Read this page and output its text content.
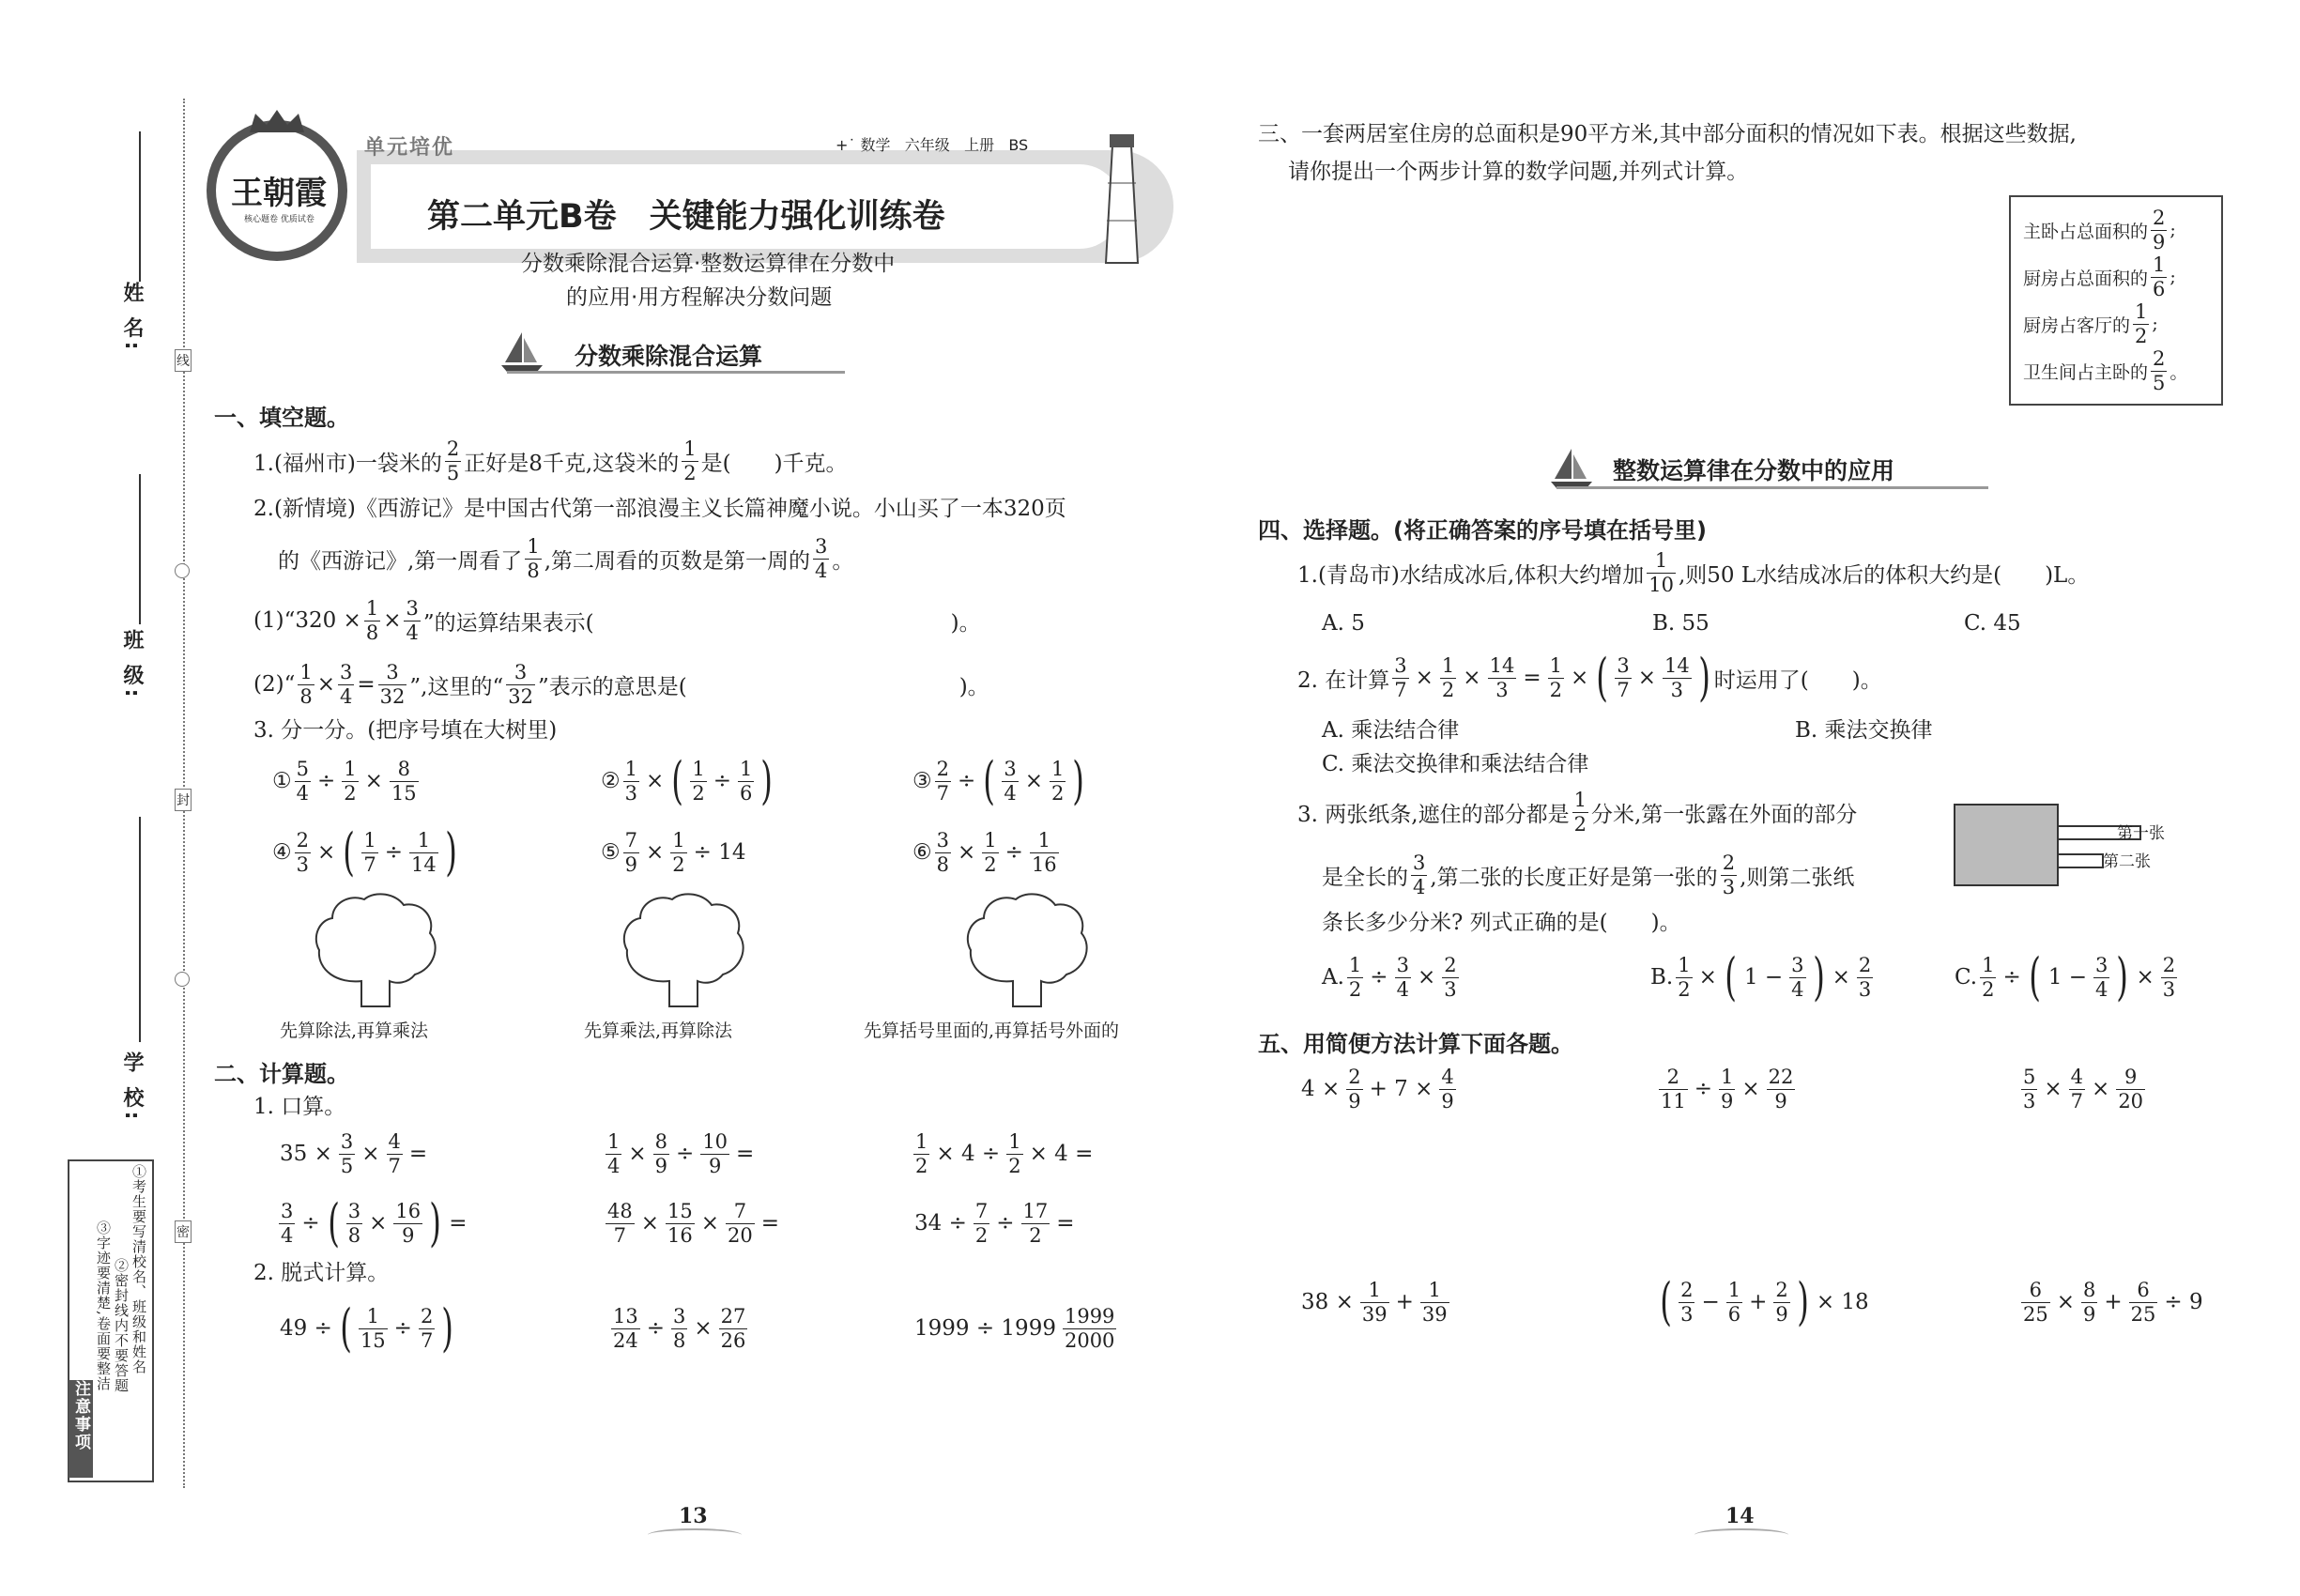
姓 名:
班 级:
学 校:
线
封
密
注意事项
①考生要写清校名、班级和姓名
②密封线内不要答题
③字迹要清楚,卷面要整洁
王朝霞
核心题卷 优质试卷
单元培优	+˙ 数学 六年级 上册 BS
第二单元B卷　关键能力强化训练卷
分数乘除混合运算·整数运算律在分数中
的应用·用方程解决分数问题
分数乘除混合运算
一、填空题。
1.(福州市)一袋米的 $\frac{2}{5}$ 正好是8千克,这袋米的 $\frac{1}{2}$ 是(　　)千克。
2.(新情境)《西游记》是中国古代第一部浪漫主义长篇神魔小说。小山买了一本320页
的《西游记》,第一周看了 $\frac{1}{8}$ ,第二周看的页数是第一周的 $\frac{3}{4}$ 。
(1)“320 × $\frac{1}{8} \times \frac{3}{4}$ ”的运算结果表示(	)。
(2)“ $\frac{1}{8} \times \frac{3}{4} = \frac{3}{32}$ ”,这里的“ $\frac{3}{32}$ ”表示的意思是(	)。
3. 分一分。(把序号填在大树里)
① $\frac{5}{4} \div \frac{1}{2} \times \frac{8}{15}$	② $\frac{1}{3}$ × ( $\frac{1}{2} \div \frac{1}{6}$ )	③ $\frac{2}{7}$ ÷ ( $\frac{3}{4} \times \frac{1}{2}$ )
④ $\frac{2}{3}$ × ( $\frac{1}{7} \div \frac{1}{14}$ )	⑤ $\frac{7}{9} \times \frac{1}{2} \div 14$	⑥ $\frac{3}{8} \times \frac{1}{2} \div \frac{1}{16}$
先算除法,再算乘法	先算乘法,再算除法	先算括号里面的,再算括号外面的
二、计算题。
1. 口算。
$35 \times \frac{3}{5} \times \frac{4}{7}$ =	$\frac{1}{4} \times \frac{8}{9} \div \frac{10}{9}$ =	$\frac{1}{2} \times 4 \div \frac{1}{2} \times 4$ =
$\frac{3}{4}$ ÷ ( $\frac{3}{8} \times \frac{16}{9}$ ) =	$\frac{48}{7} \times \frac{15}{16} \times \frac{7}{20}$ =	$34 \div \frac{7}{2} \div \frac{17}{2}$ =
2. 脱式计算。
49 ÷ ( $\frac{1}{15} \div \frac{2}{7}$ )	$\frac{13}{24} \div \frac{3}{8} \times \frac{27}{26}$	$1999 \div 1999 \frac{1999}{2000}$
13
三、一套两居室住房的总面积是90平方米,其中部分面积的情况如下表。根据这些数据,
请你提出一个两步计算的数学问题,并列式计算。
主卧占总面积的 $\frac{2}{9}$ ;
厨房占总面积的 $\frac{1}{6}$ ;
厨房占客厅的 $\frac{1}{2}$ ;
卫生间占主卧的 $\frac{2}{5}$ 。
整数运算律在分数中的应用
四、选择题。(将正确答案的序号填在括号里)
1.(青岛市)水结成冰后,体积大约增加 $\frac{1}{10}$ ,则50 L水结成冰后的体积大约是(　　)L。
A. 5	B. 55	C. 45
2. 在计算 $\frac{3}{7} \times \frac{1}{2} \times \frac{14}{3} = \frac{1}{2}$ × ( $\frac{3}{7} \times \frac{14}{3}$ ) 时运用了(　　)。
A. 乘法结合律	B. 乘法交换律
C. 乘法交换律和乘法结合律
3. 两张纸条,遮住的部分都是 $\frac{1}{2}$ 分米,第一张露在外面的部分
是全长的 $\frac{3}{4}$ ,第二张的长度正好是第一张的 $\frac{2}{3}$ ,则第二张纸
条长多少分米? 列式正确的是(　　)。
第一张
第二张
A. $\frac{1}{2} \div \frac{3}{4} \times \frac{2}{3}$	B. $\frac{1}{2}$ × ( $1 - \frac{3}{4}$ ) × $\frac{2}{3}$	C. $\frac{1}{2}$ ÷ ( $1 - \frac{3}{4}$ ) × $\frac{2}{3}$
五、用简便方法计算下面各题。
$4 \times \frac{2}{9} + 7 \times \frac{4}{9}$	$\frac{2}{11} \div \frac{1}{9} \times \frac{22}{9}$	$\frac{5}{3} \times \frac{4}{7} \times \frac{9}{20}$
$38 \times \frac{1}{39} + \frac{1}{39}$	( $\frac{2}{3} - \frac{1}{6} + \frac{2}{9}$ ) × 18	$\frac{6}{25} \times \frac{8}{9} + \frac{6}{25} \div 9$
14
